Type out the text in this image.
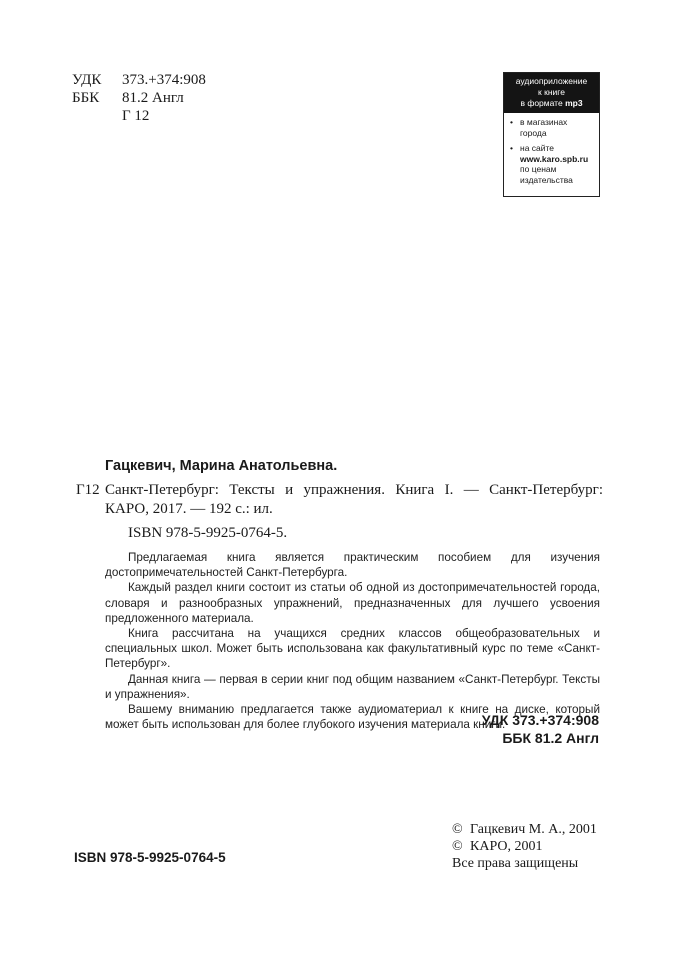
УДК 373.+374:908
ББК 81.2 Англ
Г 12
аудиоприложение
к книге
в формате mp3
• в магазинах
города
• на сайте
www.karo.spb.ru
по ценам
издательства
Гацкевич, Марина Анатольевна.
Г12 Санкт-Петербург: Тексты и упражнения. Книга I. — Санкт-Петербург: КАРО, 2017. — 192 с.: ил.
ISBN 978-5-9925-0764-5.

Предлагаемая книга является практическим пособием для изучения достопримечательностей Санкт-Петербурга.

Каждый раздел книги состоит из статьи об одной из достопримечательностей города, словаря и разнообразных упражнений, предназначенных для лучшего усвоения предложенного материала.

Книга рассчитана на учащихся средних классов общеобразовательных и специальных школ. Может быть использована как факультативный курс по теме «Санкт-Петербург».

Данная книга — первая в серии книг под общим названием «Санкт-Петербург. Тексты и упражнения».

Вашему вниманию предлагается также аудиоматериал к книге на диске, который может быть использован для более глубокого изучения материала книги.

УДК 373.+374:908
ББК 81.2 Англ
© Гацкевич М. А., 2001
© КАРО, 2001
Все права защищены
ISBN 978-5-9925-0764-5
